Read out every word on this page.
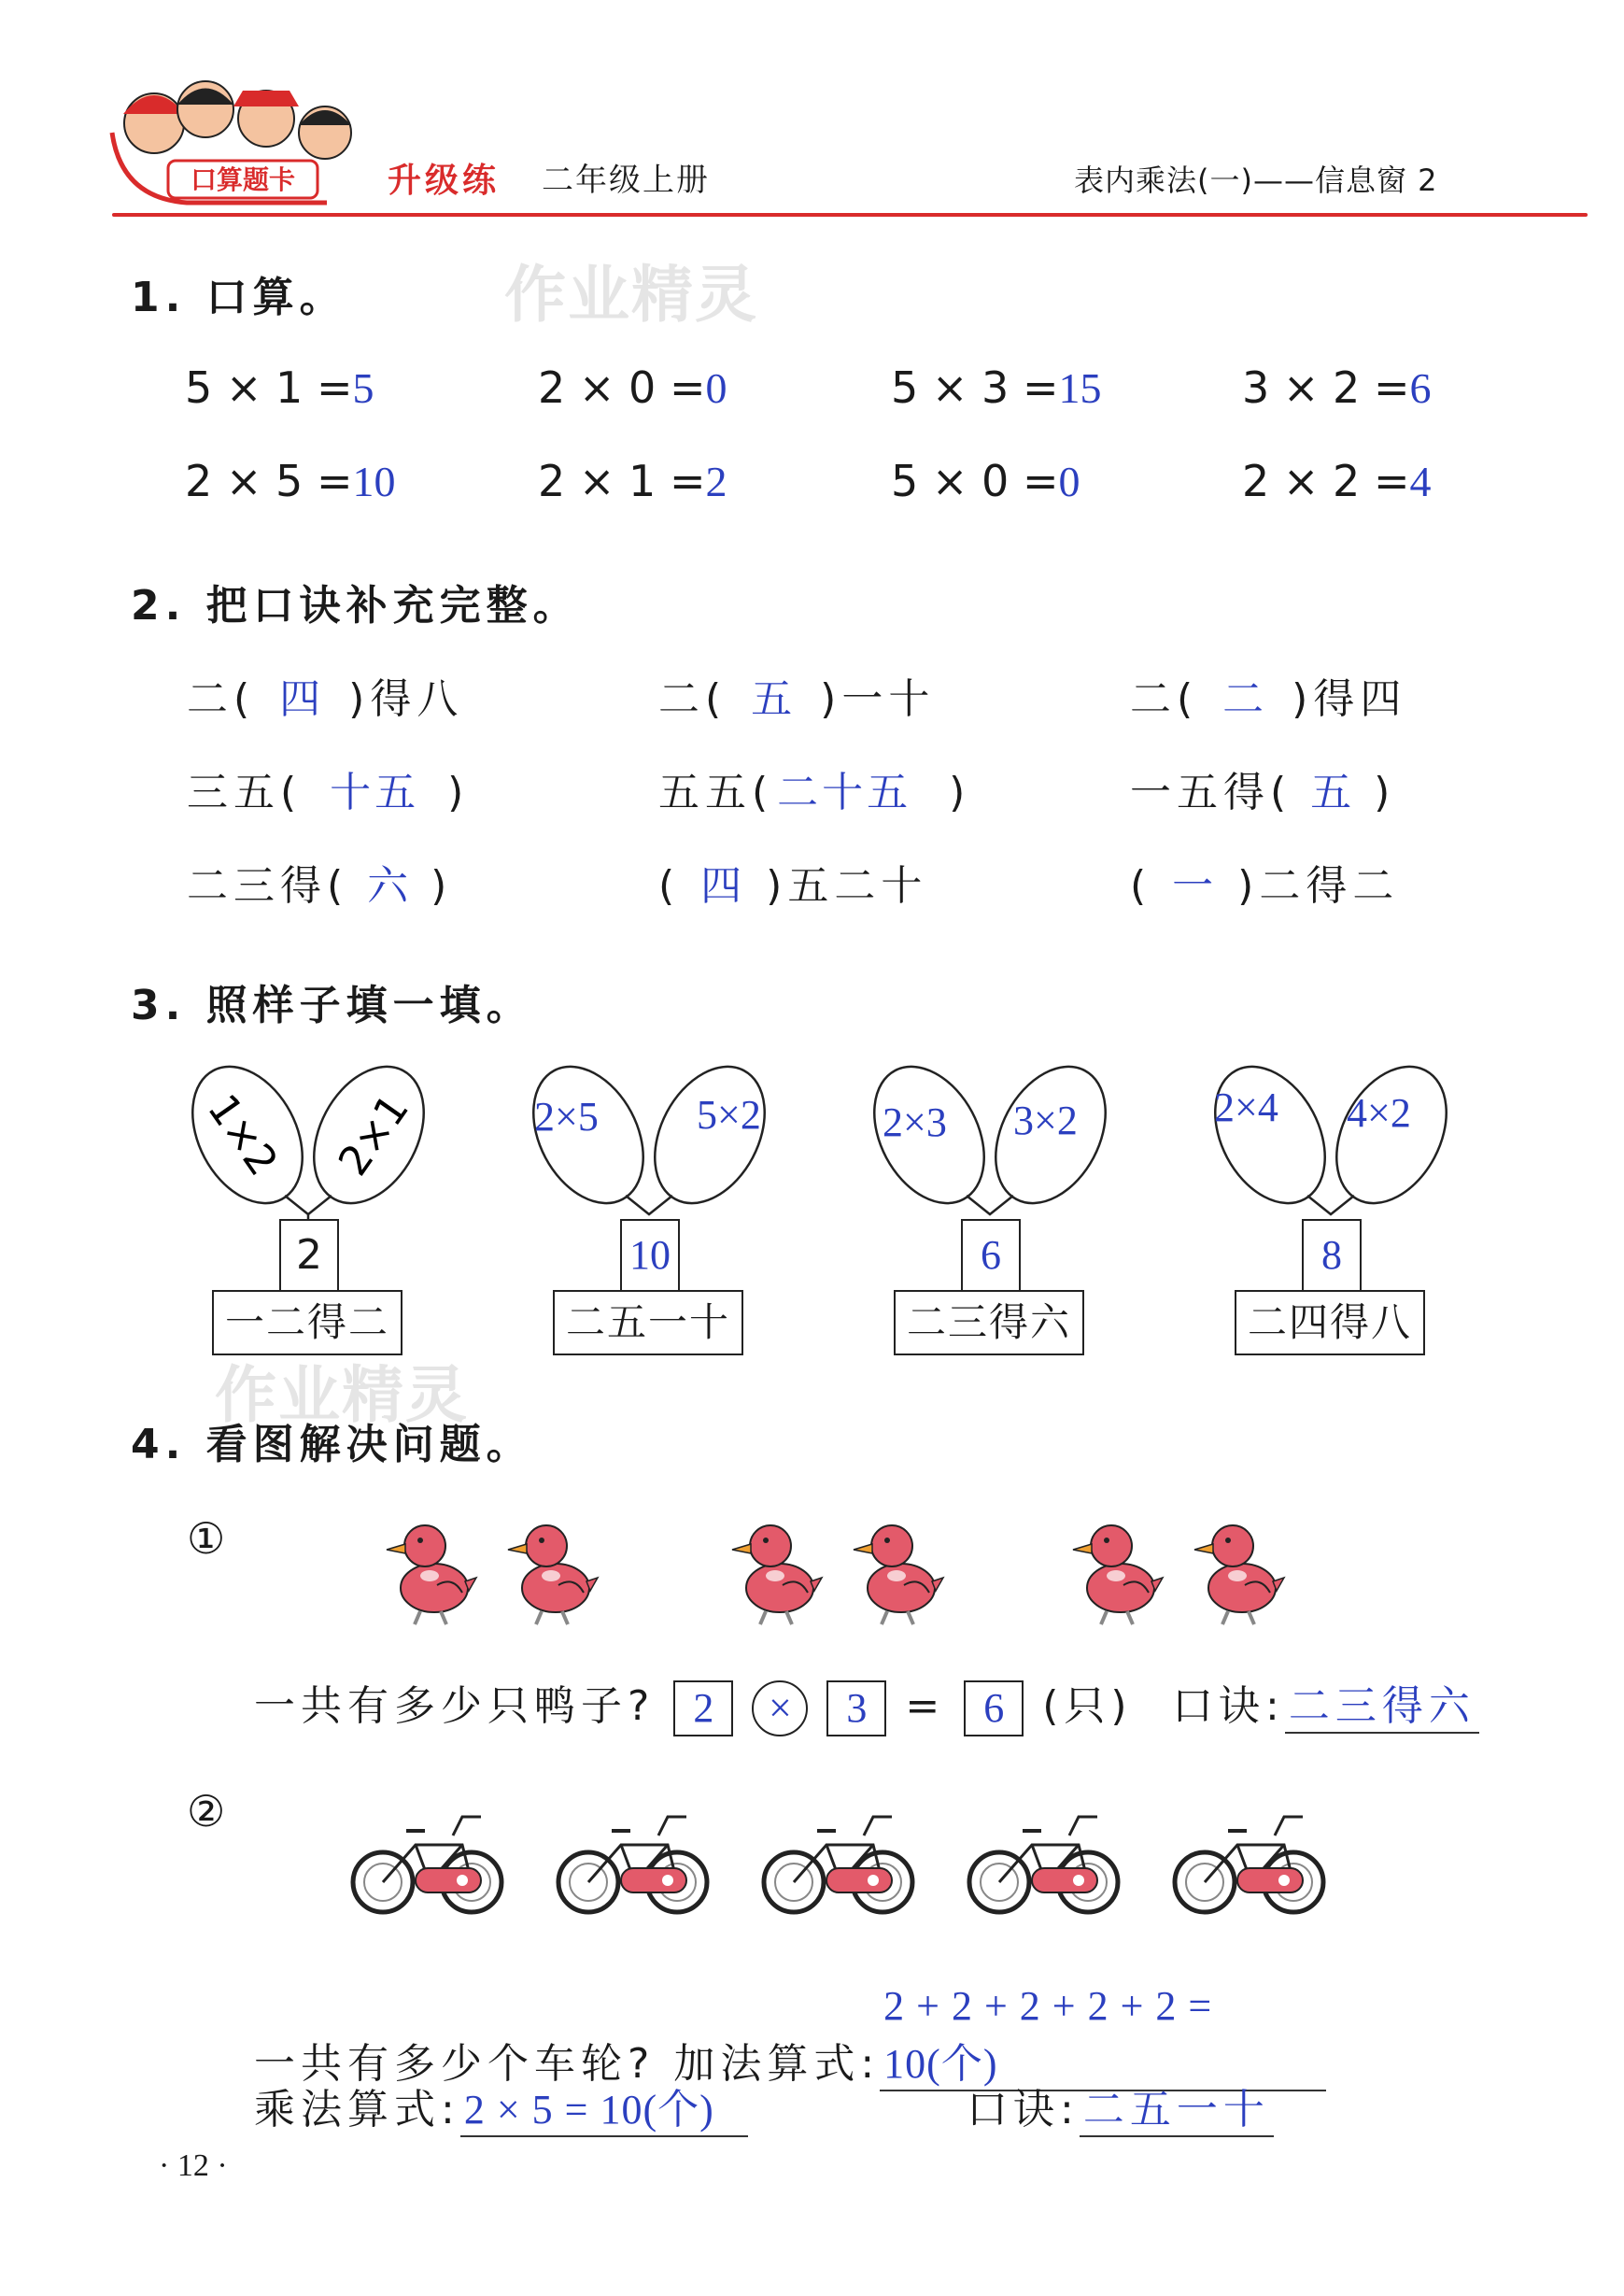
口算题卡	升级练 二年级上册	表内乘法(一)——信息窗 2
作业精灵
作业精灵
1. 口算。
5 × 1 =5	2 × 0 =0	5 × 3 =15	3 × 2 =6
2 × 5 =10	2 × 1 =2	5 × 0 =0	2 × 2 =4
2. 把口诀补充完整。
二( 四 )得八	二( 五 )一十	二( 二 )得四
三五( 十五 )	五五(二十五 )	一五得( 五 )
二三得( 六 )	( 四 )五二十	( 一 )二得二
3. 照样子填一填。
1×2 2×1
2
一二得二
2×5 5×2
10
二五一十
2×3 3×2
6
二三得六
2×4 4×2
8
二四得八
4. 看图解决问题。
①
一共有多少只鸭子? 2 × 3 = 6 (只) 口诀:二三得六
②
一共有多少个车轮? 加法算式:2 + 2 + 2 + 2 + 2 = 10(个)
乘法算式:2 × 5 = 10(个)	口诀:二五一十
· 12 ·
